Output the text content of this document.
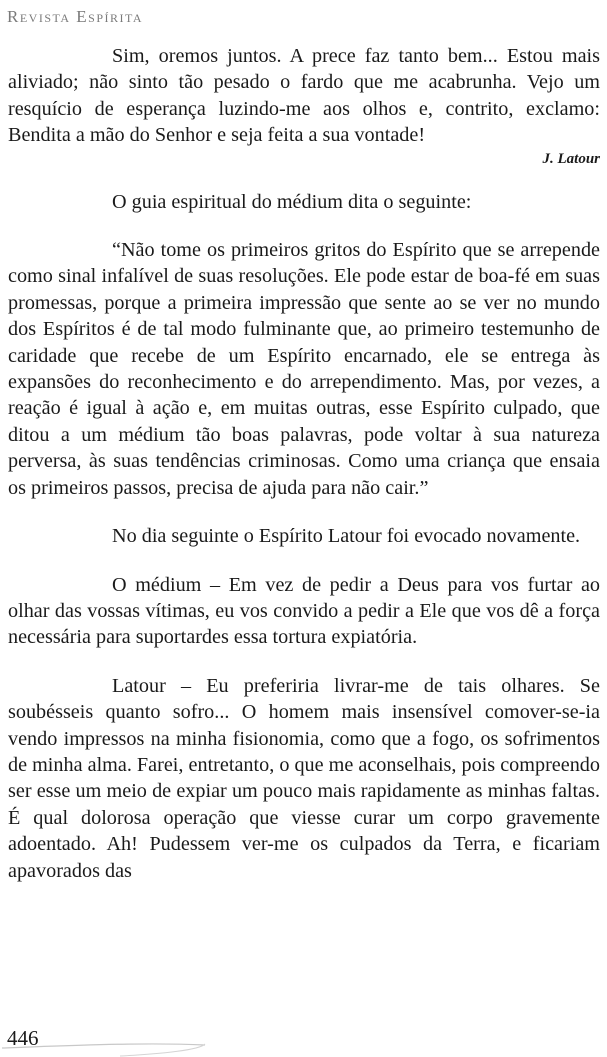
Revista Espírita

Sim, oremos juntos. A prece faz tanto bem... Estou mais aliviado; não sinto tão pesado o fardo que me acabrunha. Vejo um resquício de esperança luzindo-me aos olhos e, contrito, exclamo: Bendita a mão do Senhor e seja feita a sua vontade!

J. Latour

O guia espiritual do médium dita o seguinte:

“Não tome os primeiros gritos do Espírito que se arrepende como sinal infalível de suas resoluções. Ele pode estar de boa-fé em suas promessas, porque a primeira impressão que sente ao se ver no mundo dos Espíritos é de tal modo fulminante que, ao primeiro testemunho de caridade que recebe de um Espírito encarnado, ele se entrega às expansões do reconhecimento e do arrependimento. Mas, por vezes, a reação é igual à ação e, em muitas outras, esse Espírito culpado, que ditou a um médium tão boas palavras, pode voltar à sua natureza perversa, às suas tendências criminosas. Como uma criança que ensaia os primeiros passos, precisa de ajuda para não cair.”

No dia seguinte o Espírito Latour foi evocado novamente.

O médium – Em vez de pedir a Deus para vos furtar ao olhar das vossas vítimas, eu vos convido a pedir a Ele que vos dê a força necessária para suportardes essa tortura expiatória.

Latour – Eu preferiria livrar-me de tais olhares. Se soubésseis quanto sofro... O homem mais insensível comover-se-ia vendo impressos na minha fisionomia, como que a fogo, os sofrimentos de minha alma. Farei, entretanto, o que me aconselhais, pois compreendo ser esse um meio de expiar um pouco mais rapidamente as minhas faltas. É qual dolorosa operação que viesse curar um corpo gravemente adoentado. Ah! Pudessem ver-me os culpados da Terra, e ficariam apavorados das

446
